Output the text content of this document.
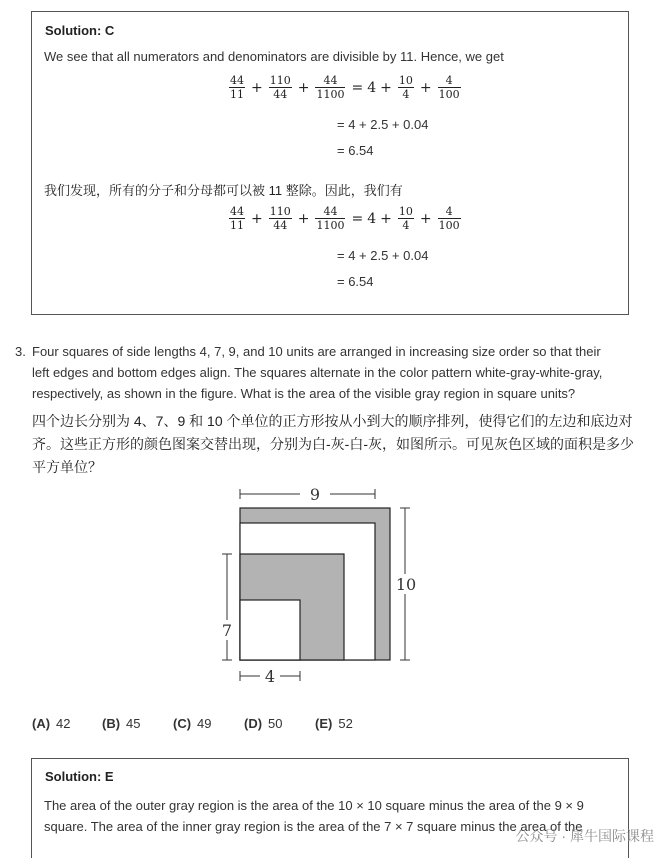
Solution: C
We see that all numerators and denominators are divisible by 11. Hence, we get
$\frac{44}{11} + \frac{110}{44} + \frac{44}{1100} = 4 + \frac{10}{4} + \frac{4}{100}$
= 4 + 2.5 + 0.04
= 6.54
我们发现，所有的分子和分母都可以被 11 整除。因此，我们有
$\frac{44}{11} + \frac{110}{44} + \frac{44}{1100} = 4 + \frac{10}{4} + \frac{4}{100}$
= 4 + 2.5 + 0.04
= 6.54
3. Four squares of side lengths 4, 7, 9, and 10 units are arranged in increasing size order so that their
left edges and bottom edges align. The squares alternate in the color pattern white-gray-white-gray,
respectively, as shown in the figure. What is the area of the visible gray region in square units?
四个边长分别为 4、7、9 和 10 个单位的正方形按从小到大的顺序排列，使得它们的左边和底边对
齐。这些正方形的颜色图案交替出现，分别为白-灰-白-灰，如图所示。可见灰色区域的面积是多少
平方单位？
9
10
7
4
(A) 42 (B) 45 (C) 49 (D) 50 (E) 52
Solution: E
The area of the outer gray region is the area of the 10 × 10 square minus the area of the 9 × 9
square. The area of the inner gray region is the area of the 7 × 7 square minus the area of the
公众号 · 犀牛国际课程
